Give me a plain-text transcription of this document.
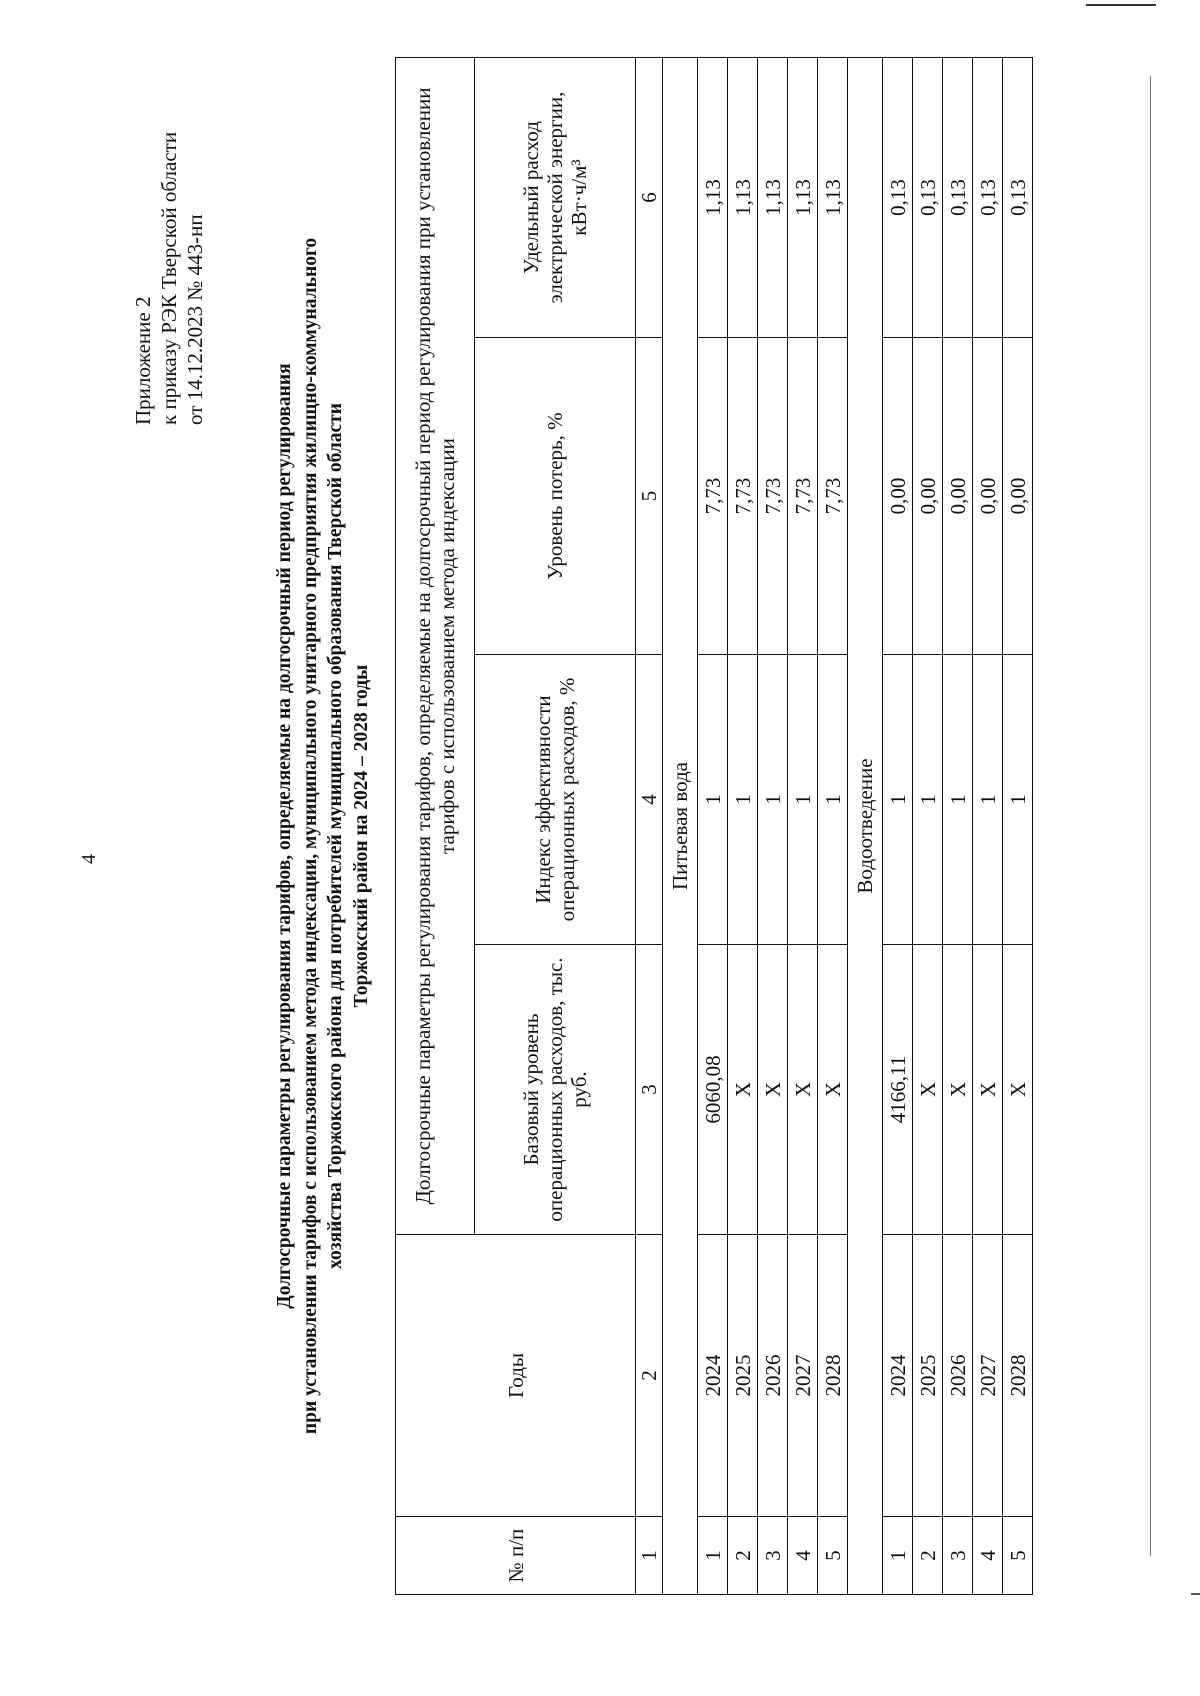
4
Приложение 2 к приказу РЭК Тверской области от 14.12.2023 № 443-нп
Долгосрочные параметры регулирования тарифов, определяемые на долгосрочный период регулирования при установлении тарифов с использованием метода индексации, муниципального унитарного предприятия жилищно-коммунального хозяйства Торжокского района для потребителей муниципального образования Тверской области Торжокский район на 2024 – 2028 годы
№ п/п	Годы	Долгосрочные параметры регулирования тарифов, определяемые на долгосрочный период регулирования при установлении тарифов с использованием метода индексации			
		Базовый уровень операционных расходов, тыс. руб.	Индекс эффективности операционных расходов, %	Уровень потерь, %	Удельный расход электрической энергии, кВт·ч/м³
1	2	3	4	5	6
Питьевая вода					
1	2024	6060,08	1	7,73	1,13
2	2025	Х	1	7,73	1,13
3	2026	Х	1	7,73	1,13
4	2027	Х	1	7,73	1,13
5	2028	Х	1	7,73	1,13
Водоотведение					
1	2024	4166,11	1	0,00	0,13
2	2025	Х	1	0,00	0,13
3	2026	Х	1	0,00	0,13
4	2027	Х	1	0,00	0,13
5	2028	Х	1	0,00	0,13
